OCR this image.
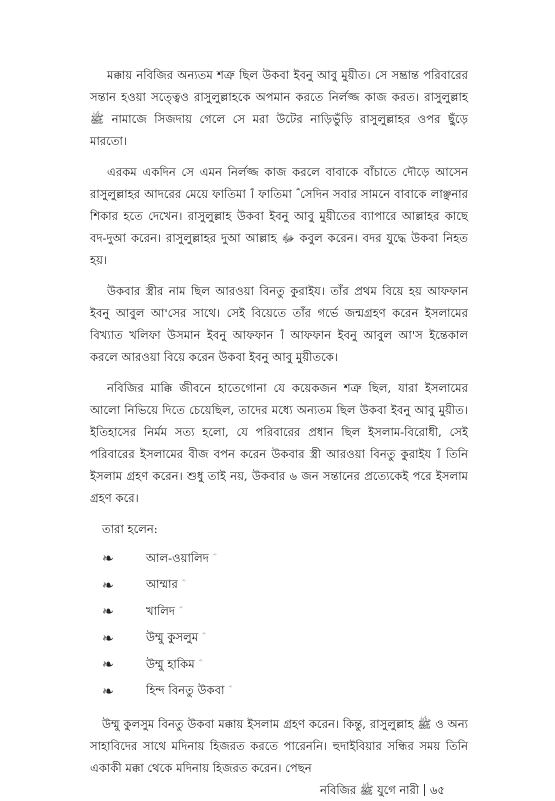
মক্কায় নবিজির অন্যতম শত্রু ছিল উকবা ইবনু আবু মুয়ীত। সে সম্ভ্রান্ত পরিবারের সন্তান হওয়া সত্ত্বেও রাসুলুল্লাহকে অপমান করতে নির্লজ্জ কাজ করত। রাসুলুল্লাহ ﷺ নামাজে সিজদায় গেলে সে মরা উটের নাড়িভুঁড়ি রাসুলুল্লাহর ওপর ছুঁড়ে মারতো।

এরকম একদিন সে এমন নির্লজ্জ কাজ করলে বাবাকে বাঁচাতে দৌড়ে আসেন রাসুলুল্লাহর আদরের মেয়ে ফাতিমা ؓ। ফাতিমা ؓ সেদিন সবার সামনে বাবাকে লাঞ্ছনার শিকার হতে দেখেন। রাসুলুল্লাহ উকবা ইবনু আবু মুয়ীতের ব্যাপারে আল্লাহর কাছে বদ-দুআ করেন। রাসুলুল্লাহর দুআ আল্লাহ ﷻ কবুল করেন। বদর যুদ্ধে উকবা নিহত হয়।

উকবার স্ত্রীর নাম ছিল আরওয়া বিনতু কুরাইয। তাঁর প্রথম বিয়ে হয় আফফান ইবনু আবুল আ'সের সাথে। সেই বিয়েতে তাঁর গর্ভে জন্মগ্রহণ করেন ইসলামের বিখ্যাত খলিফা উসমান ইবনু আফফান ؓ। আফফান ইবনু আবুল আ'স ইন্তেকাল করলে আরওয়া বিয়ে করেন উকবা ইবনু আবু মুয়ীতকে।

নবিজির মাক্কি জীবনে হাতেগোনা যে কয়েকজন শত্রু ছিল, যারা ইসলামের আলো নিভিয়ে দিতে চেয়েছিল, তাদের মধ্যে অন্যতম ছিল উকবা ইবনু আবু মুয়ীত। ইতিহাসের নির্মম সত্য হলো, যে পরিবারের প্রধান ছিল ইসলাম-বিরোধী, সেই পরিবারের ইসলামের বীজ বপন করেন উকবার স্ত্রী আরওয়া বিনতু কুরাইয ؓ। তিনি ইসলাম গ্রহণ করেন। শুধু তাই নয়, উকবার ৬ জন সন্তানের প্রত্যেকেই পরে ইসলাম গ্রহণ করে।

তারা হলেন:
❧	আল-ওয়ালিদ
❧	আম্মার
❧	খালিদ
❧	উম্মু কুসলুম
❧	উম্মু হাকিম
❧	হিন্দ বিনতু উকবা

উম্মু কুলসুম বিনতু উকবা মক্কায় ইসলাম গ্রহণ করেন। কিন্তু, রাসুলুল্লাহ ﷺ ও অন্য সাহাবিদের সাথে মদিনায় হিজরত করতে পারেননি। হুদাইবিয়ার সন্ধির সময় তিনি একাকী মক্কা থেকে মদিনায় হিজরত করেন। পেছন

নবিজির ﷺ যুগে নারী ৬৫
